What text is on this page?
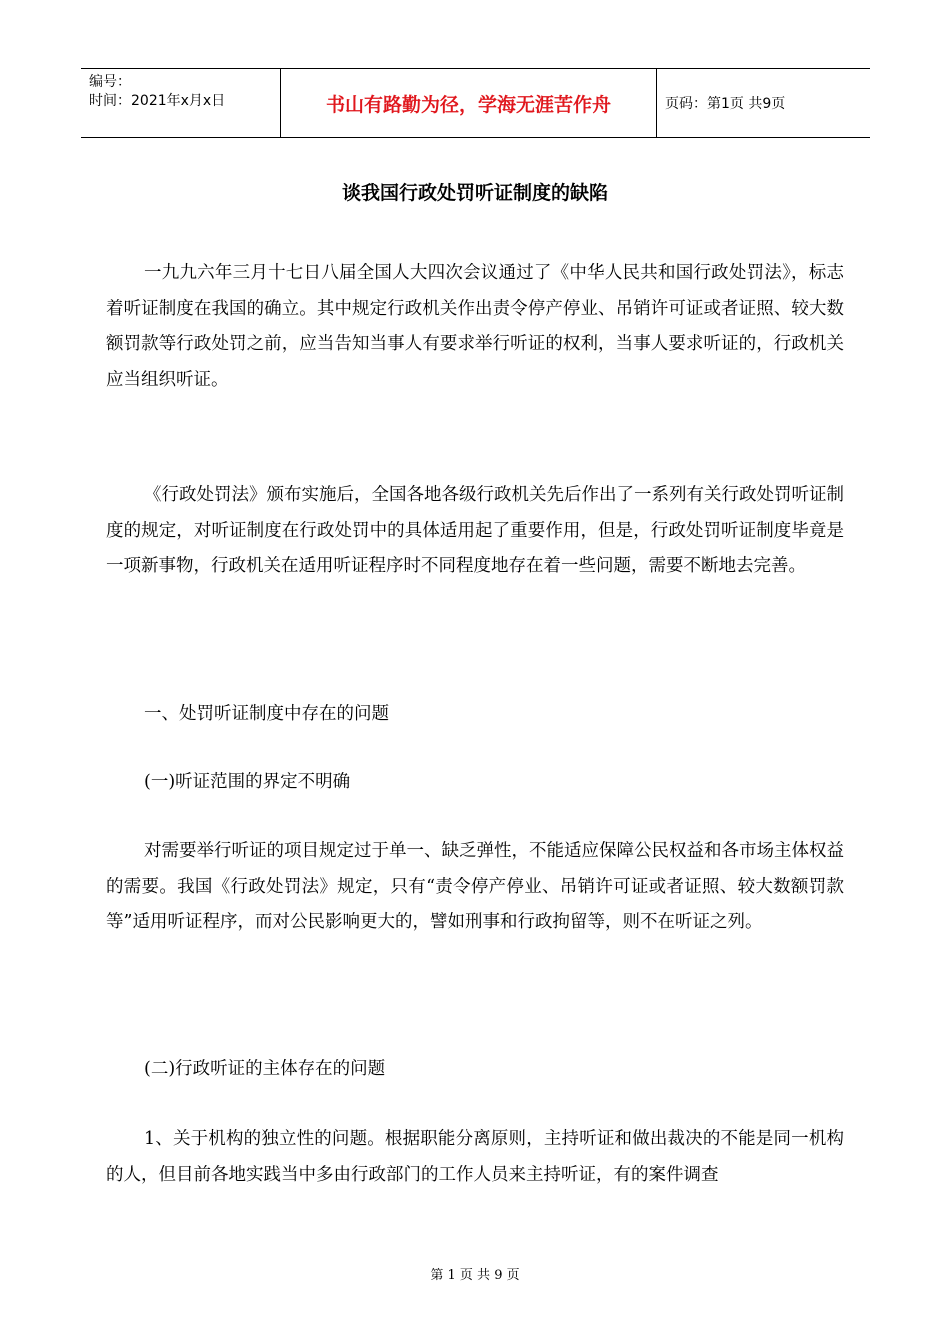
编号：
时间：2021年x月x日	书山有路勤为径，学海无涯苦作舟	页码：第1页 共9页
谈我国行政处罚听证制度的缺陷
一九九六年三月十七日八届全国人大四次会议通过了《中华人民共和国行政处罚法》，标志着听证制度在我国的确立。其中规定行政机关作出责令停产停业、吊销许可证或者证照、较大数额罚款等行政处罚之前，应当告知当事人有要求举行听证的权利，当事人要求听证的，行政机关应当组织听证。
《行政处罚法》颁布实施后，全国各地各级行政机关先后作出了一系列有关行政处罚听证制度的规定，对听证制度在行政处罚中的具体适用起了重要作用，但是，行政处罚听证制度毕竟是一项新事物，行政机关在适用听证程序时不同程度地存在着一些问题，需要不断地去完善。
一、处罚听证制度中存在的问题
(一)听证范围的界定不明确
对需要举行听证的项目规定过于单一、缺乏弹性，不能适应保障公民权益和各市场主体权益的需要。我国《行政处罚法》规定，只有“责令停产停业、吊销许可证或者证照、较大数额罚款等”适用听证程序，而对公民影响更大的，譬如刑事和行政拘留等，则不在听证之列。
(二)行政听证的主体存在的问题
1、关于机构的独立性的问题。根据职能分离原则，主持听证和做出裁决的不能是同一机构的人，但目前各地实践当中多由行政部门的工作人员来主持听证，有的案件调查
第 1 页 共 9 页
